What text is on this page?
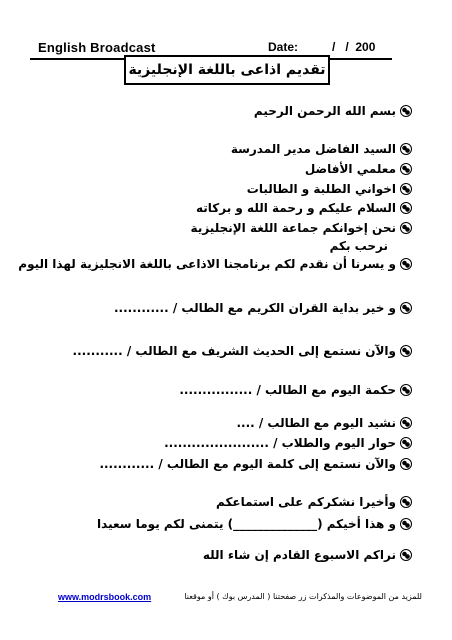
English Broadcast	Date: /   /  200
تقديم اذاعى باللغة الإنجليزية
بسم الله الرحمن الرحيم
السيد الفاضل مدير المدرسة
معلمي الأفاضل
اخواني الطلبة و الطالبات
السلام عليكم و رحمة الله و بركاته
نحن إخوانكم جماعة اللغة الإنجليزية
نرحب بكم
و يسرنا أن نقدم لكم برنامجنا الاذاعى باللغة الانجليزية لهذا اليوم
و خير بداية القران الكريم مع الطالب / ............
والآن نستمع إلى الحديث الشريف مع الطالب / ...........
حكمة اليوم مع الطالب / ................
نشيد اليوم مع الطالب / ....
حوار اليوم والطلاب / .......................
والآن نستمع إلى كلمة اليوم مع الطالب / ............
وأخيرا نشكركم على استماعكم
و هذا أخيكم (______________) يتمنى لكم يوما سعيدا
نراكم الاسبوع القادم إن شاء الله
www.modrsbook.com	للمزيد من الموضوعات والمذكرات زر صفحتنا ( المدرس بوك ) أو موقعنا
